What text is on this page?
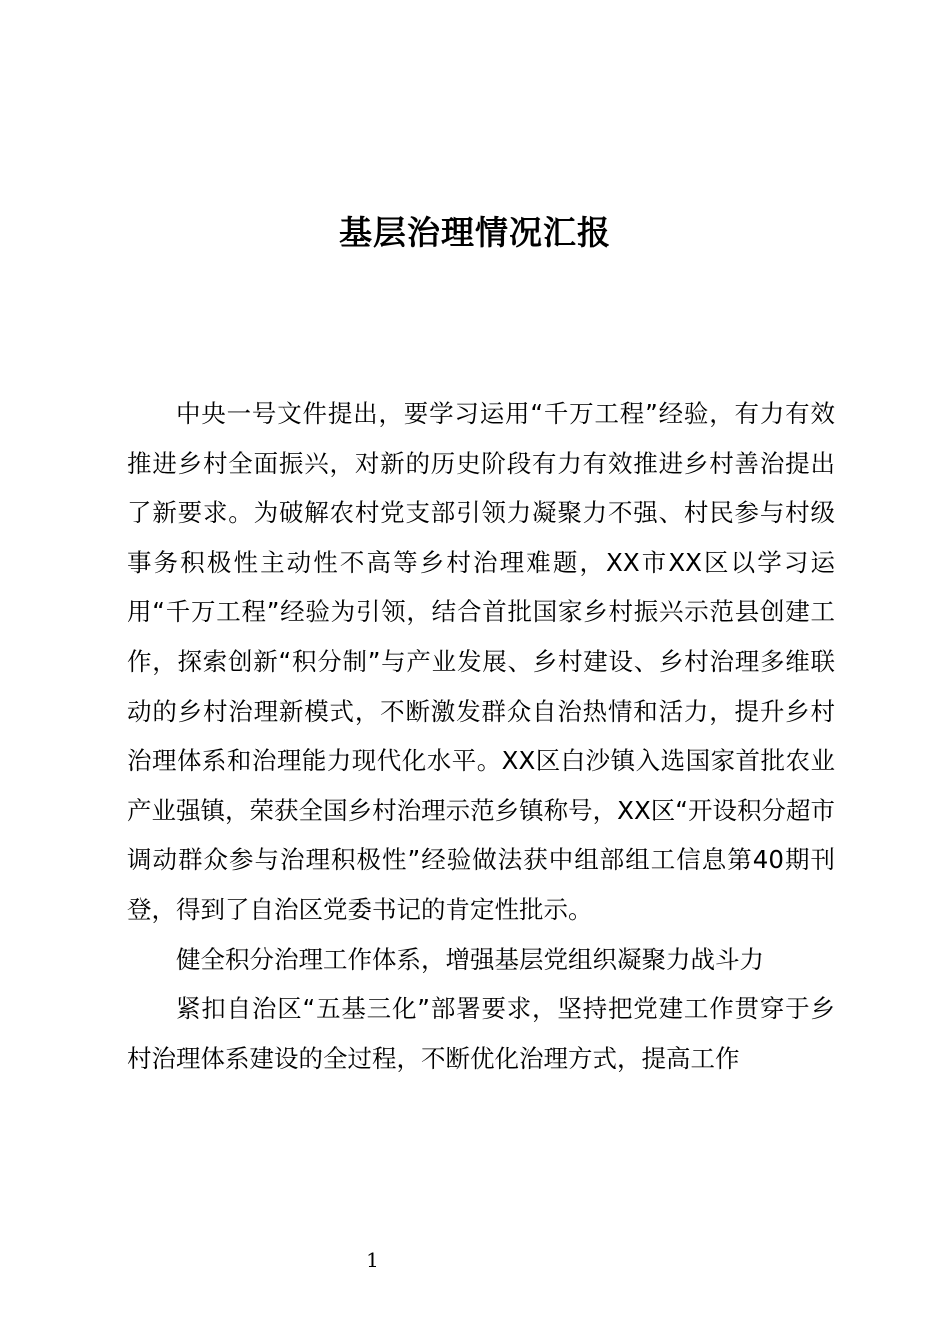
基层治理情况汇报

中央一号文件提出，要学习运用“千万工程”经验，有力有效推进乡村全面振兴，对新的历史阶段有力有效推进乡村善治提出了新要求。为破解农村党支部引领力凝聚力不强、村民参与村级事务积极性主动性不高等乡村治理难题，XX市XX区以学习运用“千万工程”经验为引领，结合首批国家乡村振兴示范县创建工作，探索创新“积分制”与产业发展、乡村建设、乡村治理多维联动的乡村治理新模式，不断激发群众自治热情和活力，提升乡村治理体系和治理能力现代化水平。XX区白沙镇入选国家首批农业产业强镇，荣获全国乡村治理示范乡镇称号，XX区“开设积分超市调动群众参与治理积极性”经验做法获中组部组工信息第40期刊登，得到了自治区党委书记的肯定性批示。

健全积分治理工作体系，增强基层党组织凝聚力战斗力

紧扣自治区“五基三化”部署要求，坚持把党建工作贯穿于乡村治理体系建设的全过程，不断优化治理方式，提高工作

1
